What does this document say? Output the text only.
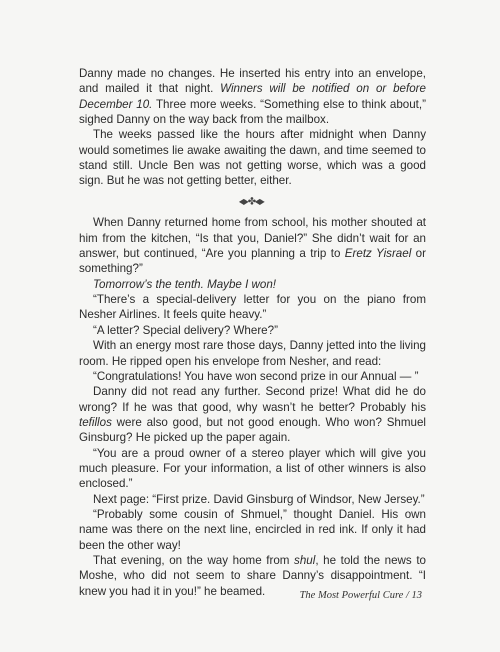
Danny made no changes. He inserted his entry into an envelope, and mailed it that night. Winners will be notified on or before December 10. Three more weeks. “Something else to think about,” sighed Danny on the way back from the mailbox.

The weeks passed like the hours after midnight when Danny would sometimes lie awake awaiting the dawn, and time seemed to stand still. Uncle Ben was not getting worse, which was a good sign. But he was not getting better, either.

◆✤◆

When Danny returned home from school, his mother shouted at him from the kitchen, “Is that you, Daniel?” She didn’t wait for an answer, but continued, “Are you planning a trip to Eretz Yisrael or something?”

Tomorrow’s the tenth. Maybe I won!

“There’s a special-delivery letter for you on the piano from Nesher Airlines. It feels quite heavy.”

“A letter? Special delivery? Where?”

With an energy most rare those days, Danny jetted into the living room. He ripped open his envelope from Nesher, and read:

“Congratulations! You have won second prize in our Annual — ”

Danny did not read any further. Second prize! What did he do wrong? If he was that good, why wasn’t he better? Probably his tefillos were also good, but not good enough. Who won? Shmuel Ginsburg? He picked up the paper again.

“You are a proud owner of a stereo player which will give you much pleasure. For your information, a list of other winners is also enclosed.”

Next page: “First prize. David Ginsburg of Windsor, New Jersey.”

“Probably some cousin of Shmuel,” thought Daniel. His own name was there on the next line, encircled in red ink. If only it had been the other way!

That evening, on the way home from shul, he told the news to Moshe, who did not seem to share Danny’s disappointment. “I knew you had it in you!” he beamed.	The Most Powerful Cure / 13
